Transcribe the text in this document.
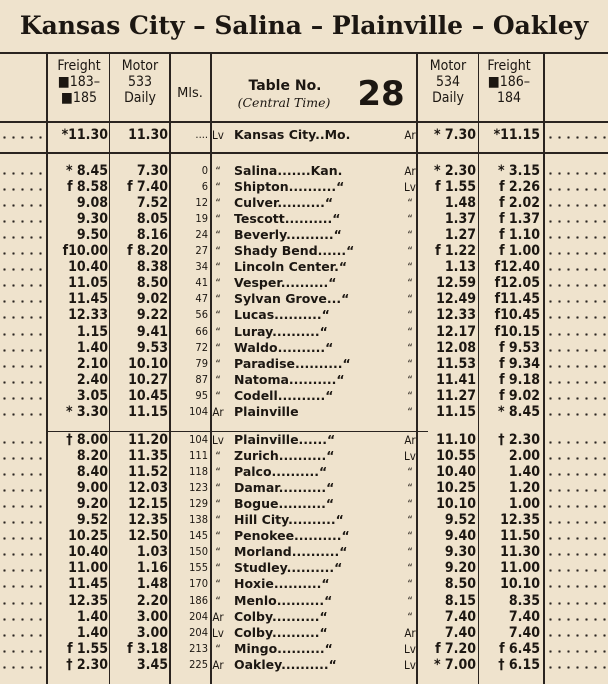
Kansas City – Salina – Plainville – Oakley
Freight
■183–
■185
Motor
533
Daily	Mls.	Table No.
(Central Time) 28
Motor
534
Daily
Freight
■186–
184
*11.30	11.30	.... Lv Kansas City..Mo.	Ar	* 7.30	*11.15
* 8.45	7.30	0 “	Salina.......Kan.	Ar	* 2.30	* 3.15
f 8.58	f 7.40	6 “	Shipton..........“	Lv	f 1.55	f 2.26
9.08	7.52	12 “	Culver..........“	“	1.48	f 2.02
9.30	8.05	19 “	Tescott..........“	“	1.37	f 1.37
9.50	8.16	24 “	Beverly..........“	“	1.27	f 1.10
f10.00	f 8.20	27 “	Shady Bend......“	“	f 1.22	f 1.00
10.40	8.38	34 “	Lincoln Center.“	“	1.13	f12.40
11.05	8.50	41 “	Vesper..........“	“	12.59	f12.05
11.45	9.02	47 “	Sylvan Grove...“	“	12.49	f11.45
12.33	9.22	56 “	Lucas..........“	“	12.33	f10.45
1.15	9.41	66 “	Luray..........“	“	12.17	f10.15
1.40	9.53	72 “	Waldo..........“	“	12.08	f 9.53
2.10	10.10	79 “	Paradise..........“	“	11.53	f 9.34
2.40	10.27	87 “	Natoma..........“	“	11.41	f 9.18
3.05	10.45	95 “	Codell..........“	“	11.27	f 9.02
* 3.30	11.15	104 Ar Plainville	“	11.15	* 8.45
† 8.00	11.20	104 Lv Plainville......“	Ar	11.10	† 2.30
8.20	11.35	111 “	Zurich..........“	Lv	10.55	2.00
8.40	11.52	118 “	Palco..........“	“	10.40	1.40
9.00	12.03	123 “	Damar..........“	“	10.25	1.20
9.20	12.15	129 “	Bogue..........“	“	10.10	1.00
9.52	12.35	138 “	Hill City..........“	“	9.52	12.35
10.25	12.50	145 “	Penokee..........“	“	9.40	11.50
10.40	1.03	150 “	Morland..........“	“	9.30	11.30
11.00	1.16	155 “	Studley..........“	“	9.20	11.00
11.45	1.48	170 “	Hoxie..........“	“	8.50	10.10
12.35	2.20	186 “	Menlo..........“	“	8.15	8.35
1.40	3.00	204 Ar Colby..........“	“	7.40	7.40
1.40	3.00	204 Lv Colby..........“	Ar	7.40	7.40
f 1.55	f 3.18	213 “	Mingo..........“	Lv	f 7.20	f 6.45
† 2.30	3.45	225 Ar Oakley..........“	Lv	* 7.00	† 6.15
